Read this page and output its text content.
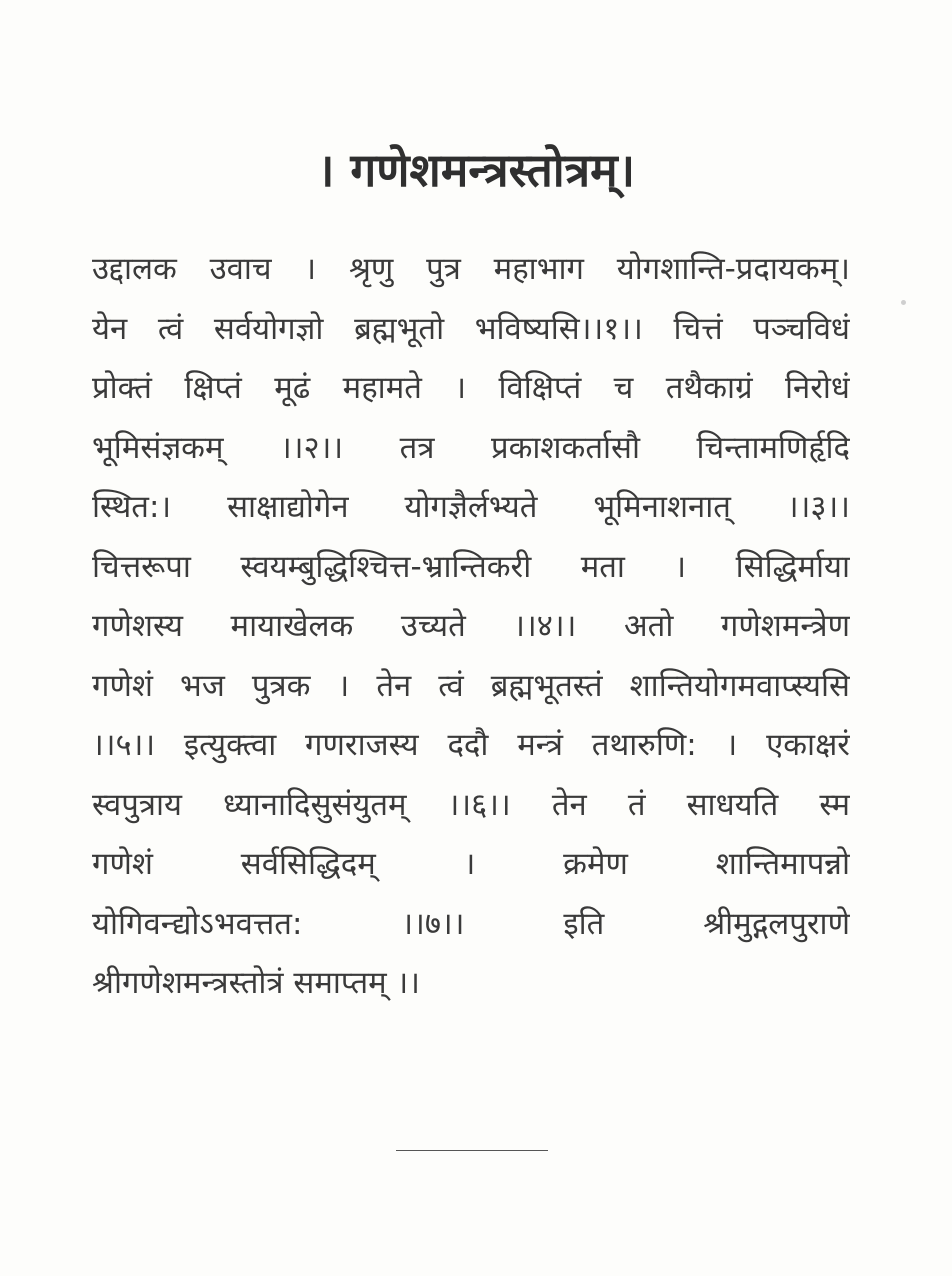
। गणेशमन्त्रस्तोत्रम्।
उद्दालक उवाच । श्रृणु पुत्र महाभाग योगशान्ति-प्रदायकम्।
येन त्वं सर्वयोगज्ञो ब्रह्मभूतो भविष्यसि।।१।। चित्तं पञ्चविधं
प्रोक्तं क्षिप्तं मूढं महामते । विक्षिप्तं च तथैकाग्रं निरोधं
भूमिसंज्ञकम् ।।२।। तत्र प्रकाशकर्तासौ चिन्तामणिर्हृदि
स्थित:। साक्षाद्योगेन योगज्ञैर्लभ्यते भूमिनाशनात् ।।३।।
चित्तरूपा स्वयम्बुद्धिश्चित्त-भ्रान्तिकरी मता । सिद्धिर्माया
गणेशस्य मायाखेलक उच्यते ।।४।। अतो गणेशमन्त्रेण
गणेशं भज पुत्रक । तेन त्वं ब्रह्मभूतस्तं शान्तियोगमवाप्स्यसि
।।५।। इत्युक्त्वा गणराजस्य ददौ मन्त्रं तथारुणि: । एकाक्षरं
स्वपुत्राय ध्यानादिसुसंयुतम् ।।६।। तेन तं साधयति स्म
गणेशं सर्वसिद्धिदम् । क्रमेण शान्तिमापन्नो
योगिवन्द्योऽभवत्तत: ।।७।। इति श्रीमुद्गलपुराणे
श्रीगणेशमन्त्रस्तोत्रं समाप्तम् ।।
